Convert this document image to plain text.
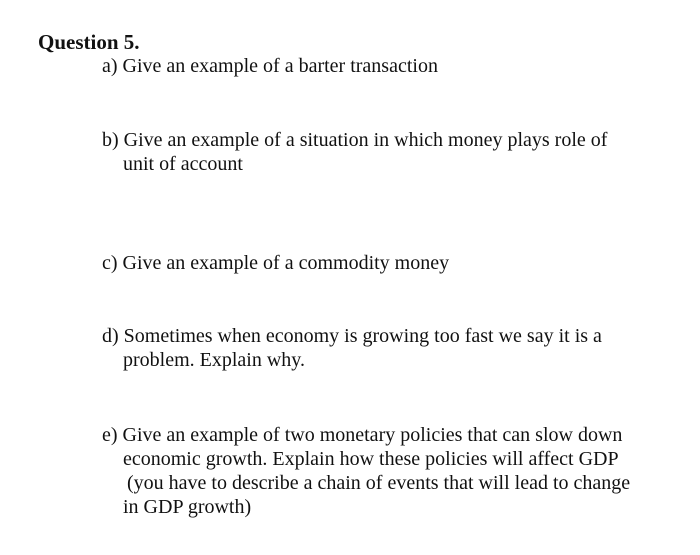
Question 5.
a) Give an example of a barter transaction
b) Give an example of a situation in which money plays role of
unit of account
c) Give an example of a commodity money
d) Sometimes when economy is growing too fast we say it is a
problem. Explain why.
e) Give an example of two monetary policies that can slow down
economic growth. Explain how these policies will affect GDP
(you have to describe a chain of events that will lead to change
in GDP growth)
